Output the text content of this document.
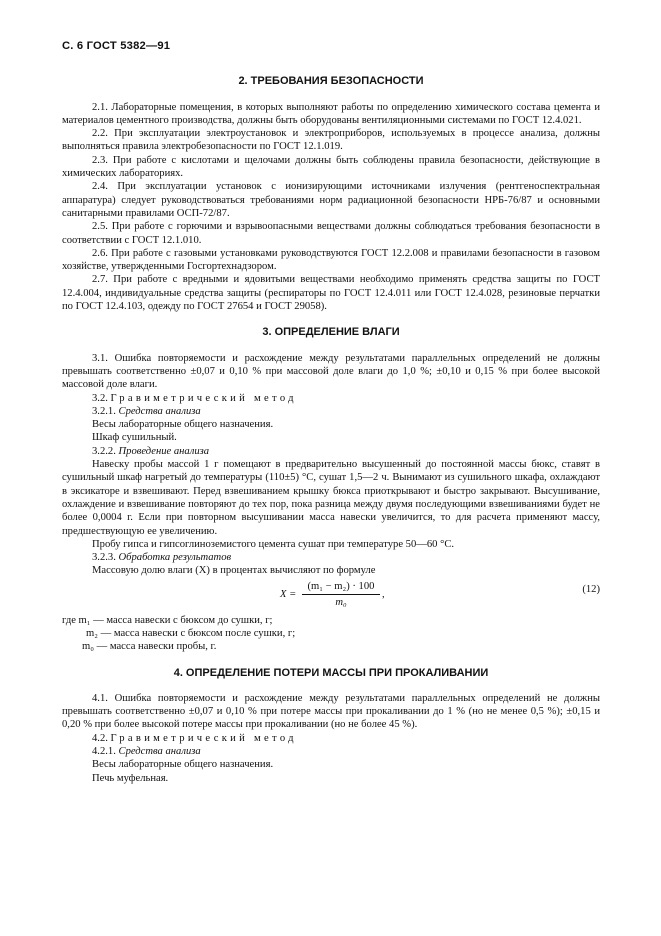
С. 6 ГОСТ 5382—91
2. ТРЕБОВАНИЯ БЕЗОПАСНОСТИ

2.1. Лабораторные помещения, в которых выполняют работы по определению химического состава цемента и материалов цементного производства, должны быть оборудованы вентиляционными системами по ГОСТ 12.4.021.

2.2. При эксплуатации электроустановок и электроприборов, используемых в процессе анализа, должны выполняться правила электробезопасности по ГОСТ 12.1.019.

2.3. При работе с кислотами и щелочами должны быть соблюдены правила безопасности, действующие в химических лабораториях.

2.4. При эксплуатации установок с ионизирующими источниками излучения (рентгеноспектральная аппаратура) следует руководствоваться требованиями норм радиационной безопасности НРБ-76/87 и основными санитарными правилами ОСП-72/87.

2.5. При работе с горючими и взрывоопасными веществами должны соблюдаться требования безопасности в соответствии с ГОСТ 12.1.010.

2.6. При работе с газовыми установками руководствуются ГОСТ 12.2.008 и правилами безопасности в газовом хозяйстве, утвержденными Госгортехнадзором.

2.7. При работе с вредными и ядовитыми веществами необходимо применять средства защиты по ГОСТ 12.4.004, индивидуальные средства защиты (респираторы по ГОСТ 12.4.011 или ГОСТ 12.4.028, резиновые перчатки по ГОСТ 12.4.103, одежду по ГОСТ 27654 и ГОСТ 29058).

3. ОПРЕДЕЛЕНИЕ ВЛАГИ

3.1. Ошибка повторяемости и расхождение между результатами параллельных определений не должны превышать соответственно ±0,07 и 0,10 % при массовой доле влаги до 1,0 %; ±0,10 и 0,15 % при более высокой массовой доле влаги.

3.2. Гравиметрический метод

3.2.1. Средства анализа

Весы лабораторные общего назначения.

Шкаф сушильный.

3.2.2. Проведение анализа

Навеску пробы массой 1 г помещают в предварительно высушенный до постоянной массы бюкс, ставят в сушильный шкаф нагретый до температуры (110±5) °С, сушат 1,5—2 ч. Вынимают из сушильного шкафа, охлаждают в эксикаторе и взвешивают. Перед взвешиванием крышку бюкса приоткрывают и быстро закрывают. Высушивание, охлаждение и взвешивание повторяют до тех пор, пока разница между двумя последующими взвешиваниями будет не более 0,0004 г. Если при повторном высушивании масса навески увеличится, то для расчета применяют массу, предшествующую ее увеличению.

Пробу гипса и гипсоглиноземистого цемента сушат при температуре 50—60 °С.

3.2.3. Обработка результатов

Массовую долю влаги (X) в процентах вычисляют по формуле

$X = \frac{\text{(m₁ − m₂) · 100}}{\text{m₀}}$ ,	(12)
где m₁ — масса навески с бюксом до сушки, г;
m₂ — масса навески с бюксом после сушки, г;
m₀ — масса навески пробы, г.
4. ОПРЕДЕЛЕНИЕ ПОТЕРИ МАССЫ ПРИ ПРОКАЛИВАНИИ

4.1. Ошибка повторяемости и расхождение между результатами параллельных определений не должны превышать соответственно ±0,07 и 0,10 % при потере массы при прокаливании до 1 % (но не менее 0,5 %); ±0,15 и 0,20 % при более высокой потере массы при прокаливании (но не более 45 %).

4.2. Гравиметрический метод

4.2.1. Средства анализа

Весы лабораторные общего назначения.

Печь муфельная.
